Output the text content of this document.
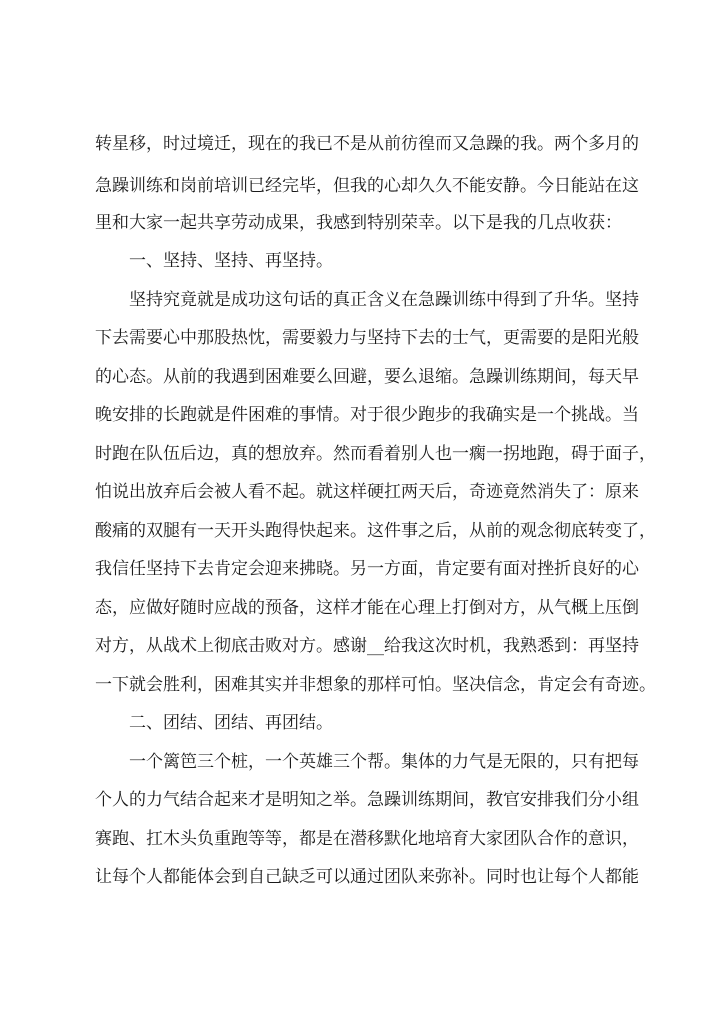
转星移，时过境迁，现在的我已不是从前彷徨而又急躁的我。两个多月的
急躁训练和岗前培训已经完毕，但我的心却久久不能安静。今日能站在这
里和大家一起共享劳动成果，我感到特别荣幸。以下是我的几点收获：
一、坚持、坚持、再坚持。
坚持究竟就是成功这句话的真正含义在急躁训练中得到了升华。坚持
下去需要心中那股热忱，需要毅力与坚持下去的士气，更需要的是阳光般
的心态。从前的我遇到困难要么回避，要么退缩。急躁训练期间，每天早
晚安排的长跑就是件困难的事情。对于很少跑步的我确实是一个挑战。当
时跑在队伍后边，真的想放弃。然而看着别人也一瘸一拐地跑，碍于面子，
怕说出放弃后会被人看不起。就这样硬扛两天后，奇迹竟然消失了：原来
酸痛的双腿有一天开头跑得快起来。这件事之后，从前的观念彻底转变了，
我信任坚持下去肯定会迎来拂晓。另一方面，肯定要有面对挫折良好的心
态，应做好随时应战的预备，这样才能在心理上打倒对方，从气概上压倒
对方，从战术上彻底击败对方。感谢__给我这次时机，我熟悉到：再坚持
一下就会胜利，困难其实并非想象的那样可怕。坚决信念，肯定会有奇迹。
二、团结、团结、再团结。
一个篱笆三个桩，一个英雄三个帮。集体的力气是无限的，只有把每
个人的力气结合起来才是明知之举。急躁训练期间，教官安排我们分小组
赛跑、扛木头负重跑等等，都是在潜移默化地培育大家团队合作的意识，
让每个人都能体会到自己缺乏可以通过团队来弥补。同时也让每个人都能
